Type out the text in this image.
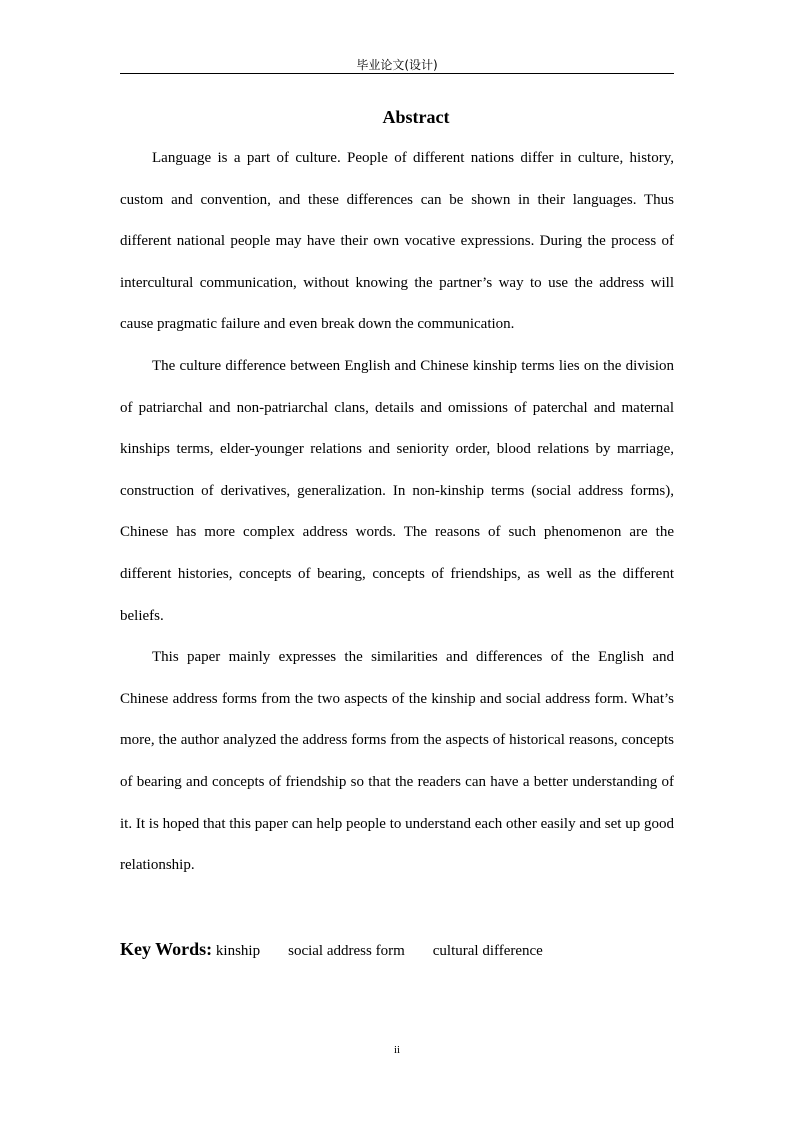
毕业论文(设计)
Abstract

Language is a part of culture. People of different nations differ in culture, history, custom and convention, and these differences can be shown in their languages. Thus different national people may have their own vocative expressions. During the process of intercultural communication, without knowing the partner’s way to use the address will cause pragmatic failure and even break down the communication.

The culture difference between English and Chinese kinship terms lies on the division of patriarchal and non-patriarchal clans, details and omissions of paterchal and maternal kinships terms, elder-younger relations and seniority order, blood relations by marriage, construction of derivatives, generalization. In non-kinship terms (social address forms), Chinese has more complex address words. The reasons of such phenomenon are the different histories, concepts of bearing, concepts of friendships, as well as the different beliefs.

This paper mainly expresses the similarities and differences of the English and Chinese address forms from the two aspects of the kinship and social address form. What’s more, the author analyzed the address forms from the aspects of historical reasons, concepts of bearing and concepts of friendship so that the readers can have a better understanding of it. It is hoped that this paper can help people to understand each other easily and set up good relationship.

Key Words: kinship social address form cultural difference
ii
